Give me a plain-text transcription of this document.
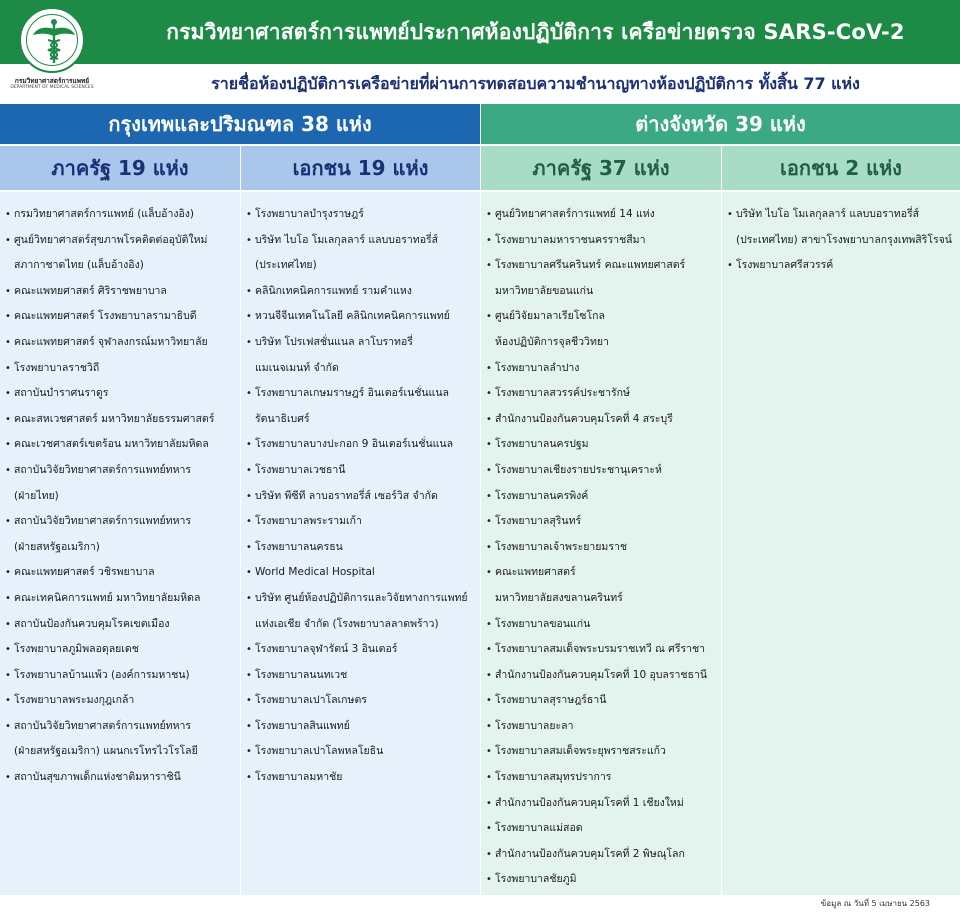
กรมวิทยาศาสตร์การแพทย์ประกาศห้องปฏิบัติการ เครือข่ายตรวจ SARS-CoV-2
กรมวิทยาศาสตร์การแพทย์
DEPARTMENT OF MEDICAL SCIENCES	รายชื่อห้องปฏิบัติการเครือข่ายที่ผ่านการทดสอบความชำนาญทางห้องปฏิบัติการ ทั้งสิ้น 77 แห่ง
กรุงเทพและปริมณฑล 38 แห่ง	ต่างจังหวัด 39 แห่ง
ภาครัฐ 19 แห่ง	เอกชน 19 แห่ง	ภาครัฐ 37 แห่ง	เอกชน 2 แห่ง
• กรมวิทยาศาสตร์การแพทย์ (แล็บอ้างอิง)
• ศูนย์วิทยาศาสตร์สุขภาพโรคติดต่ออุบัติใหม่
สภากาชาดไทย (แล็บอ้างอิง)
• คณะแพทยศาสตร์ ศิริราชพยาบาล
• คณะแพทยศาสตร์ โรงพยาบาลรามาธิบดี
• คณะแพทยศาสตร์ จุฬาลงกรณ์มหาวิทยาลัย
• โรงพยาบาลราชวิถี
• สถาบันบำราศนราดูร
• คณะสหเวชศาสตร์ มหาวิทยาลัยธรรมศาสตร์
• คณะเวชศาสตร์เขตร้อน มหาวิทยาลัยมหิดล
• สถาบันวิจัยวิทยาศาสตร์การแพทย์ทหาร
(ฝ่ายไทย)
• สถาบันวิจัยวิทยาศาสตร์การแพทย์ทหาร
(ฝ่ายสหรัฐอเมริกา)
• คณะแพทยศาสตร์ วชิรพยาบาล
• คณะเทคนิคการแพทย์ มหาวิทยาลัยมหิดล
• สถาบันป้องกันควบคุมโรคเขตเมือง
• โรงพยาบาลภูมิพลอดุลยเดช
• โรงพยาบาลบ้านแพ้ว (องค์การมหาชน)
• โรงพยาบาลพระมงกุฎเกล้า
• สถาบันวิจัยวิทยาศาสตร์การแพทย์ทหาร
(ฝ่ายสหรัฐอเมริกา) แผนกเรโทรไวโรโลยี
• สถาบันสุขภาพเด็กแห่งชาติมหาราชินี
• โรงพยาบาลบำรุงราษฎร์
• บริษัท ไบโอ โมเลกุลลาร์ แลบบอราทอรี่ส์
(ประเทศไทย)
• คลินิกเทคนิคการแพทย์ รามคำแหง
• หวนจีจีนเทคโนโลยี คลินิกเทคนิคการแพทย์
• บริษัท โปรเฟสชั่นแนล ลาโบราทอรี่
แมเนจเมนท์ จำกัด
• โรงพยาบาลเกษมราษฎร์ อินเตอร์เนชั่นแนล
รัตนาธิเบศร์
• โรงพยาบาลบางปะกอก 9 อินเตอร์เนชั่นแนล
• โรงพยาบาลเวชธานี
• บริษัท พีซีที ลาบอราทอรี่ส์ เซอร์วิส จำกัด
• โรงพยาบาลพระรามเก้า
• โรงพยาบาลนครธน
• World Medical Hospital
• บริษัท ศูนย์ห้องปฏิบัติการและวิจัยทางการแพทย์
แห่งเอเชีย จำกัด (โรงพยาบาลลาดพร้าว)
• โรงพยาบาลจุฬารัตน์ 3 อินเตอร์
• โรงพยาบาลนนทเวช
• โรงพยาบาลเปาโลเกษตร
• โรงพยาบาลสินแพทย์
• โรงพยาบาลเปาโลพหลโยธิน
• โรงพยาบาลมหาชัย
• ศูนย์วิทยาศาสตร์การแพทย์ 14 แห่ง
• โรงพยาบาลมหาราชนครราชสีมา
• โรงพยาบาลศรีนครินทร์ คณะแพทยศาสตร์
มหาวิทยาลัยขอนแก่น
• ศูนย์วิจัยมาลาเรียโซโกล
ห้องปฏิบัติการจุลชีววิทยา
• โรงพยาบาลลำปาง
• โรงพยาบาลสวรรค์ประชารักษ์
• สำนักงานป้องกันควบคุมโรคที่ 4 สระบุรี
• โรงพยาบาลนครปฐม
• โรงพยาบาลเชียงรายประชานุเคราะห์
• โรงพยาบาลนครพิงค์
• โรงพยาบาลสุรินทร์
• โรงพยาบาลเจ้าพระยายมราช
• คณะแพทยศาสตร์
มหาวิทยาลัยสงขลานครินทร์
• โรงพยาบาลขอนแก่น
• โรงพยาบาลสมเด็จพระบรมราชเทวี ณ ศรีราชา
• สำนักงานป้องกันควบคุมโรคที่ 10 อุบลราชธานี
• โรงพยาบาลสุราษฎร์ธานี
• โรงพยาบาลยะลา
• โรงพยาบาลสมเด็จพระยุพราชสระแก้ว
• โรงพยาบาลสมุทรปราการ
• สำนักงานป้องกันควบคุมโรคที่ 1 เชียงใหม่
• โรงพยาบาลแม่สอด
• สำนักงานป้องกันควบคุมโรคที่ 2 พิษณุโลก
• โรงพยาบาลชัยภูมิ
• บริษัท ไบโอ โมเลกุลลาร์ แลบบอราทอรี่ส์
(ประเทศไทย) สาขาโรงพยาบาลกรุงเทพสิริโรจน์
• โรงพยาบาลศรีสวรรค์
ข้อมูล ณ วันที่ 5 เมษายน 2563
